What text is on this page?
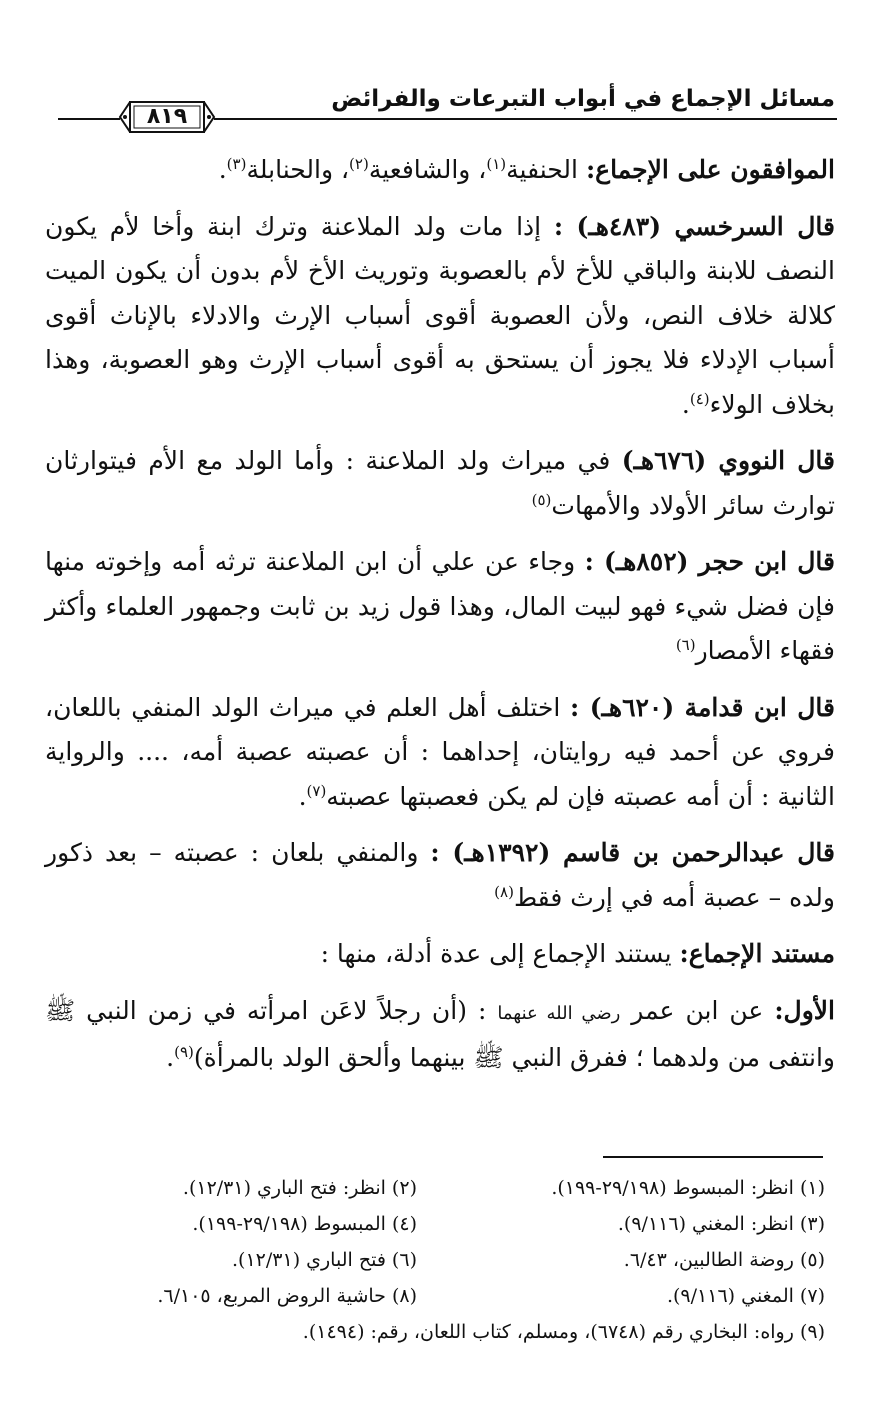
مسائل الإجماع في أبواب التبرعات والفرائض
٨١٩

الموافقون على الإجماع: الحنفية$^{(١)}$، والشافعية$^{(٢)}$، والحنابلة$^{(٣)}$.

قال السرخسي (٤٨٣هـ) : إذا مات ولد الملاعنة وترك ابنة وأخا لأم يكون النصف للابنة والباقي للأخ لأم بالعصوبة وتوريث الأخ لأم بدون أن يكون الميت كلالة خلاف النص، ولأن العصوبة أقوى أسباب الإرث والادلاء بالإناث أقوى أسباب الإدلاء فلا يجوز أن يستحق به أقوى أسباب الإرث وهو العصوبة، وهذا بخلاف الولاء$^{(٤)}$.

قال النووي (٦٧٦هـ) في ميراث ولد الملاعنة : وأما الولد مع الأم فيتوارثان توارث سائر الأولاد والأمهات$^{(٥)}$

قال ابن حجر (٨٥٢هـ) : وجاء عن علي أن ابن الملاعنة ترثه أمه وإخوته منها فإن فضل شيء فهو لبيت المال، وهذا قول زيد بن ثابت وجمهور العلماء وأكثر فقهاء الأمصار$^{(٦)}$

قال ابن قدامة (٦٢٠هـ) : اختلف أهل العلم في ميراث الولد المنفي باللعان، فروي عن أحمد فيه روايتان، إحداهما : أن عصبته عصبة أمه، .... والرواية الثانية : أن أمه عصبته فإن لم يكن فعصبتها عصبته$^{(٧)}$.

قال عبدالرحمن بن قاسم (١٣٩٢هـ) : والمنفي بلعان : عصبته – بعد ذكور ولده – عصبة أمه في إرث فقط$^{(٨)}$

مستند الإجماع: يستند الإجماع إلى عدة أدلة، منها :

الأول: عن ابن عمر رضي الله عنهما : (أن رجلاً لاعَن امرأته في زمن النبي ﷺ وانتفى من ولدهما ؛ ففرق النبي ﷺ بينهما وألحق الولد بالمرأة)$^{(٩)}$.

(١) انظر: المبسوط (٢٩/١٩٨-١٩٩).
(٢) انظر: فتح الباري (١٢/٣١).
(٣) انظر: المغني (٩/١١٦).
(٤) المبسوط (٢٩/١٩٨-١٩٩).
(٥) روضة الطالبين، ٦/٤٣.
(٦) فتح الباري (١٢/٣١).
(٧) المغني (٩/١١٦).
(٨) حاشية الروض المربع، ٦/١٠٥.
(٩) رواه: البخاري رقم (٦٧٤٨)، ومسلم، كتاب اللعان، رقم: (١٤٩٤).
